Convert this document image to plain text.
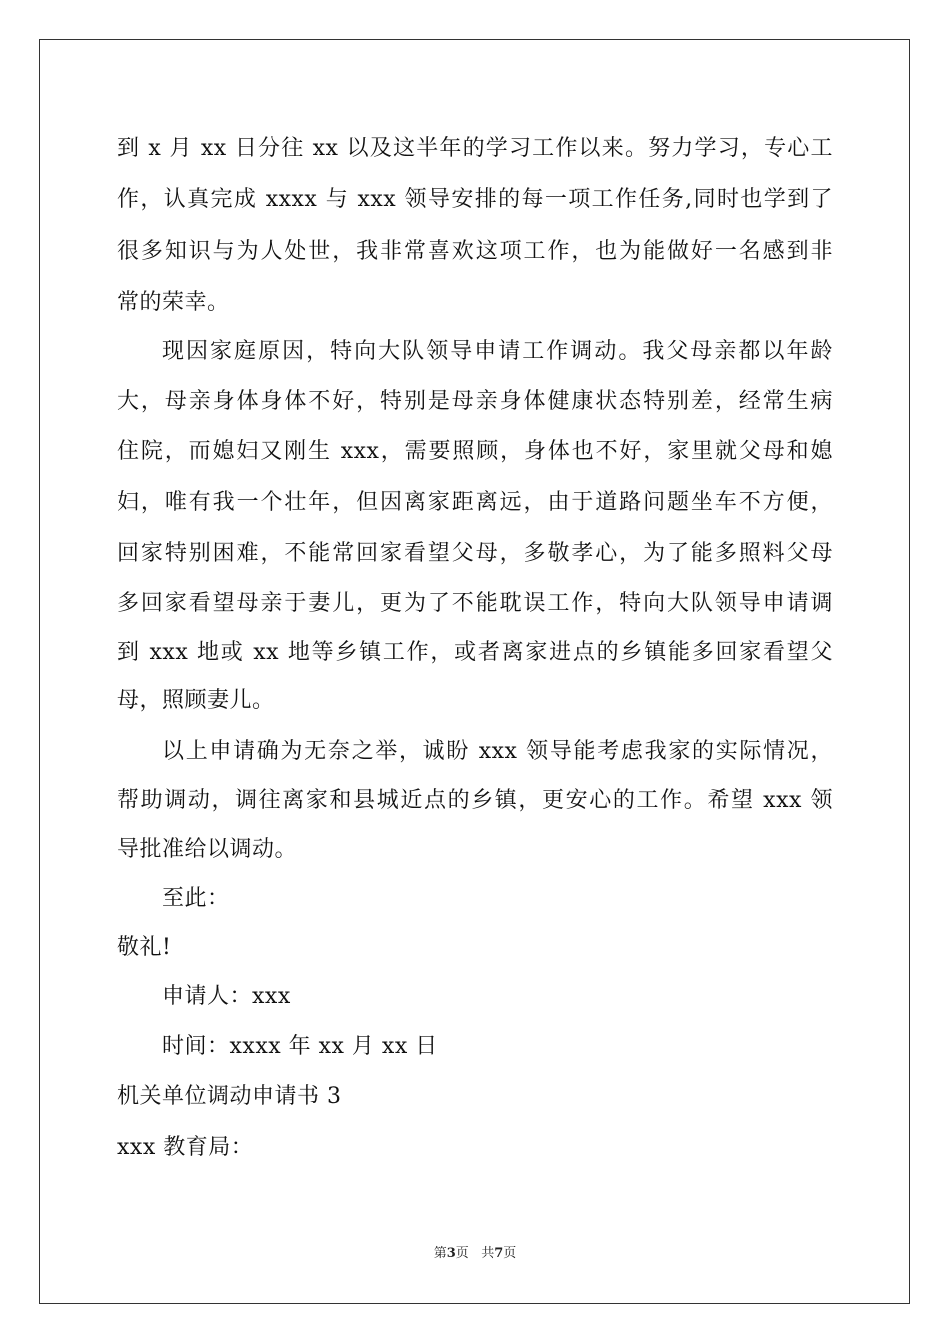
到 x 月 xx 日分往 xx 以及这半年的学习工作以来。努力学习，专心工
作，认真完成 xxxx 与 xxx 领导安排的每一项工作任务,同时也学到了
很多知识与为人处世，我非常喜欢这项工作，也为能做好一名感到非
常的荣幸。
现因家庭原因，特向大队领导申请工作调动。我父母亲都以年龄
大，母亲身体身体不好，特别是母亲身体健康状态特别差，经常生病
住院，而媳妇又刚生 xxx，需要照顾，身体也不好，家里就父母和媳
妇，唯有我一个壮年，但因离家距离远，由于道路问题坐车不方便，
回家特别困难，不能常回家看望父母，多敬孝心，为了能多照料父母
多回家看望母亲于妻儿，更为了不能耽误工作，特向大队领导申请调
到 xxx 地或 xx 地等乡镇工作，或者离家进点的乡镇能多回家看望父
母，照顾妻儿。
以上申请确为无奈之举，诚盼 xxx 领导能考虑我家的实际情况，
帮助调动，调往离家和县城近点的乡镇，更安心的工作。希望 xxx 领
导批准给以调动。
至此：
敬礼!
申请人：xxx
时间：xxxx 年 xx 月 xx 日
机关单位调动申请书 3
xxx 教育局：
第3页   共7页
